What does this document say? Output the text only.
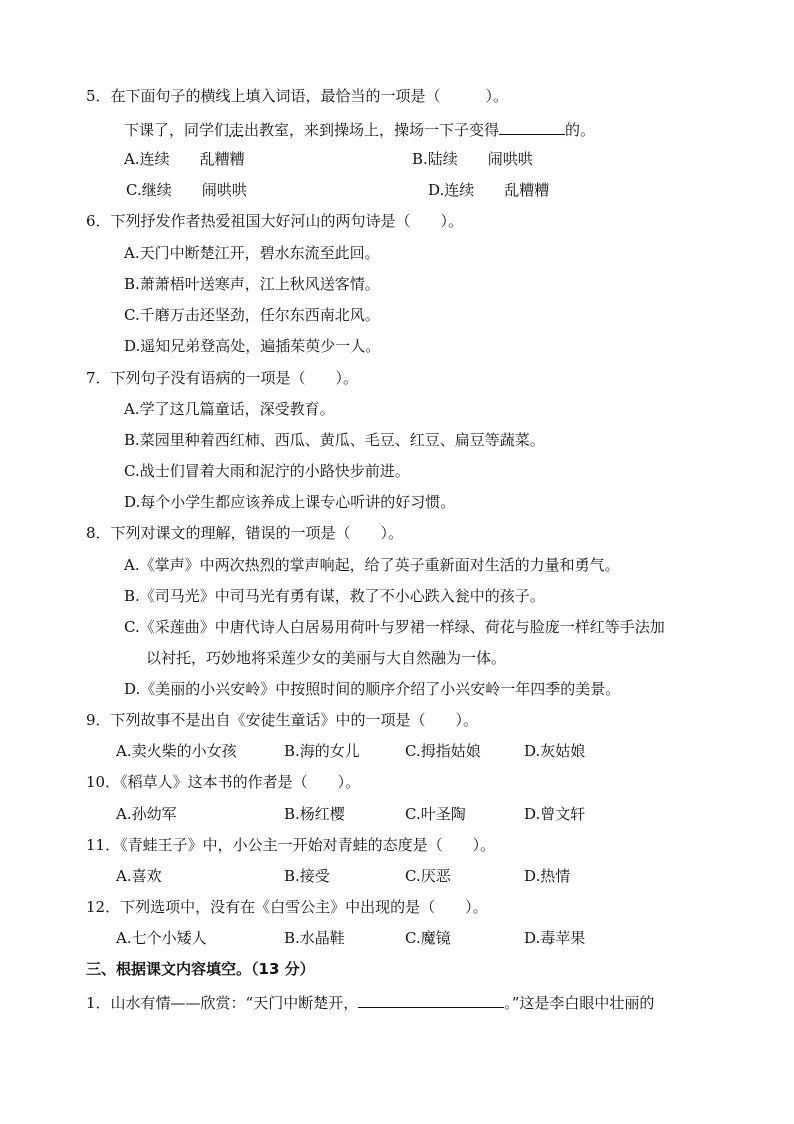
5．在下面句子的横线上填入词语，最恰当的一项是（　　　）。
下课了，同学们走出教室，来到操场上，操场一下子变得	的。
A.连续　　乱糟糟	B.陆续　　闹哄哄
C.继续　　闹哄哄	D.连续　　乱糟糟
6．下列抒发作者热爱祖国大好河山的两句诗是（　　）。
A.天门中断楚江开，碧水东流至此回。
B.萧萧梧叶送寒声，江上秋风送客情。
C.千磨万击还坚劲，任尔东西南北风。
D.遥知兄弟登高处，遍插茱萸少一人。
7．下列句子没有语病的一项是（　　）。
A.学了这几篇童话，深受教育。
B.菜园里种着西红柿、西瓜、黄瓜、毛豆、红豆、扁豆等蔬菜。
C.战士们冒着大雨和泥泞的小路快步前进。
D.每个小学生都应该养成上课专心听讲的好习惯。
8．下列对课文的理解，错误的一项是（　　）。
A.《掌声》中两次热烈的掌声响起，给了英子重新面对生活的力量和勇气。
B.《司马光》中司马光有勇有谋，救了不小心跌入瓮中的孩子。
C.《采莲曲》中唐代诗人白居易用荷叶与罗裙一样绿、荷花与脸庞一样红等手法加
以衬托，巧妙地将采莲少女的美丽与大自然融为一体。
D.《美丽的小兴安岭》中按照时间的顺序介绍了小兴安岭一年四季的美景。
9．下列故事不是出自《安徒生童话》中的一项是（　　）。
A.卖火柴的小女孩	B.海的女儿	C.拇指姑娘	D.灰姑娘
10．《稻草人》这本书的作者是（　　）。
A.孙幼军	B.杨红樱	C.叶圣陶	D.曾文轩
11．《青蛙王子》中，小公主一开始对青蛙的态度是（　　）。
A.喜欢	B.接受	C.厌恶	D.热情
12．下列选项中，没有在《白雪公主》中出现的是（　　）。
A.七个小矮人	B.水晶鞋	C.魔镜	D.毒苹果
三、根据课文内容填空。（13 分）
1．山水有情——欣赏：“天门中断楚开，	。”这是李白眼中壮丽的
